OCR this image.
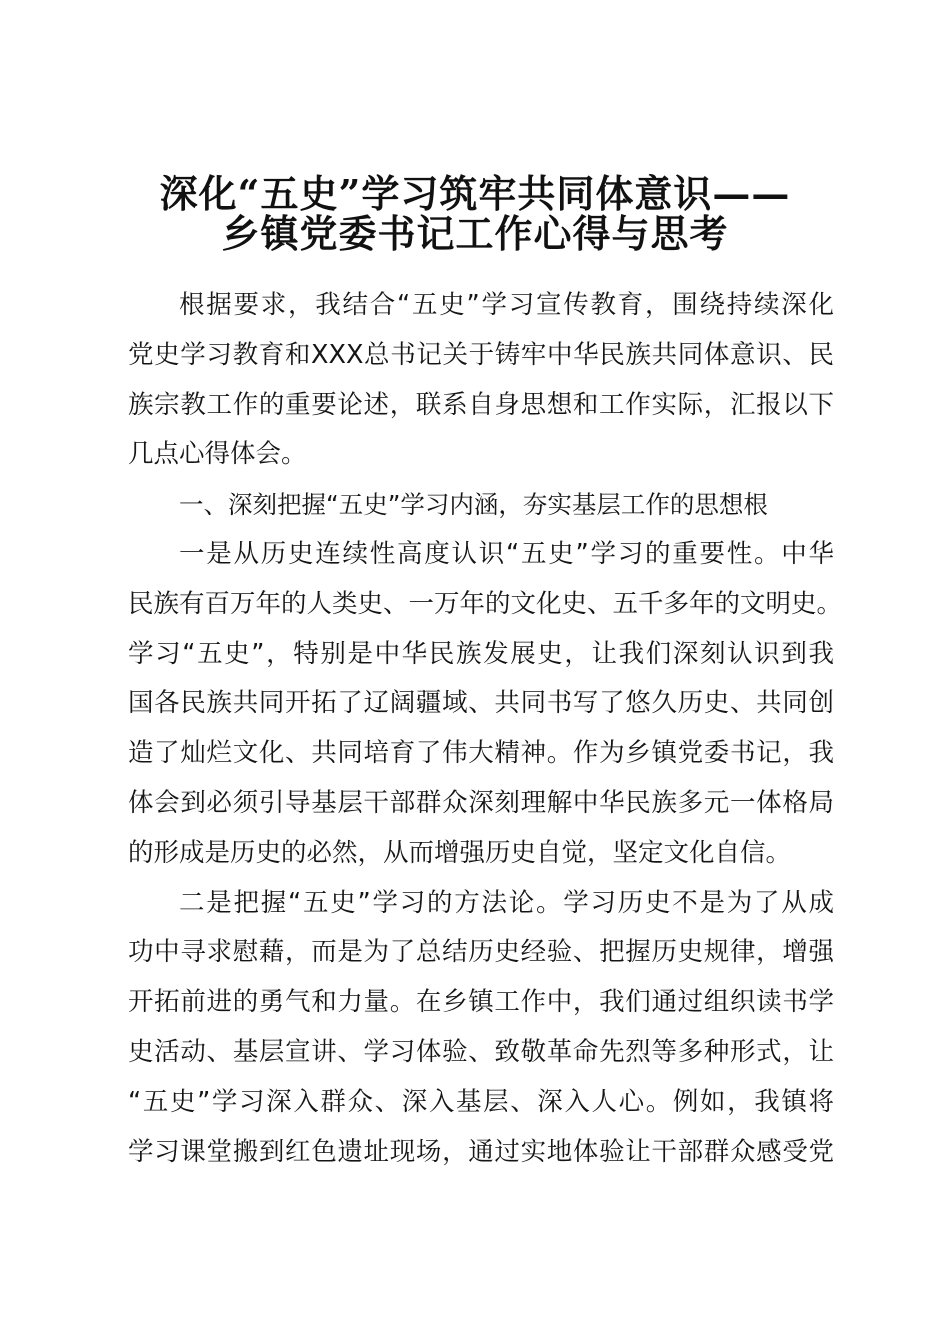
深化“五史”学习筑牢共同体意识——
乡镇党委书记工作心得与思考
根据要求，我结合“五史”学习宣传教育，围绕持续深化
党史学习教育和XXX总书记关于铸牢中华民族共同体意识、民
族宗教工作的重要论述，联系自身思想和工作实际，汇报以下
几点心得体会。
一、深刻把握“五史”学习内涵，夯实基层工作的思想根
一是从历史连续性高度认识“五史”学习的重要性。中华
民族有百万年的人类史、一万年的文化史、五千多年的文明史。
学习“五史”，特别是中华民族发展史，让我们深刻认识到我
国各民族共同开拓了辽阔疆域、共同书写了悠久历史、共同创
造了灿烂文化、共同培育了伟大精神。作为乡镇党委书记，我
体会到必须引导基层干部群众深刻理解中华民族多元一体格局
的形成是历史的必然，从而增强历史自觉，坚定文化自信。
二是把握“五史”学习的方法论。学习历史不是为了从成
功中寻求慰藉，而是为了总结历史经验、把握历史规律，增强
开拓前进的勇气和力量。在乡镇工作中，我们通过组织读书学
史活动、基层宣讲、学习体验、致敬革命先烈等多种形式，让
“五史”学习深入群众、深入基层、深入人心。例如，我镇将
学习课堂搬到红色遗址现场，通过实地体验让干部群众感受党
